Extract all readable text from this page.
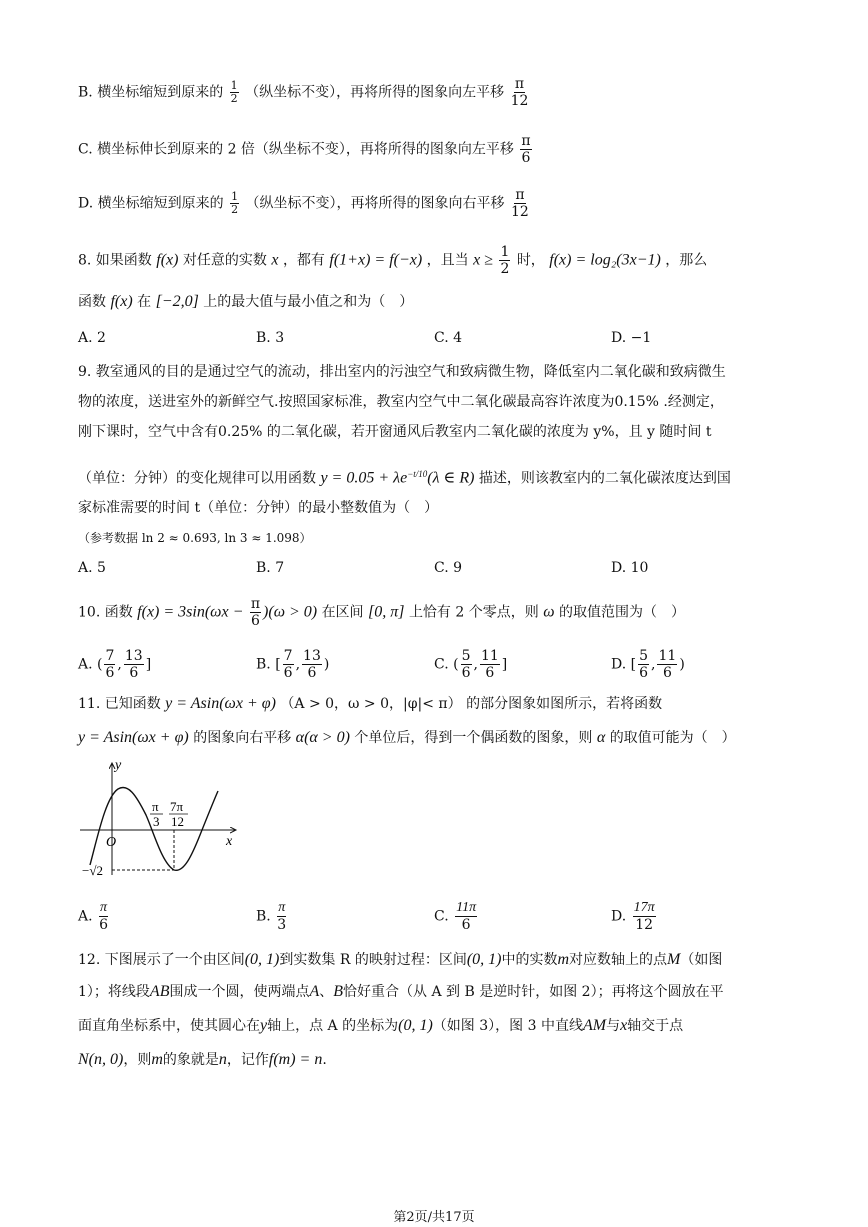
B. 横坐标缩短到原来的 $\frac{1}{2}$ （纵坐标不变），再将所得的图象向左平移 $\frac{\pi}{12}$
C. 横坐标伸长到原来的 2 倍（纵坐标不变），再将所得的图象向左平移 $\frac{\pi}{6}$
D. 横坐标缩短到原来的 $\frac{1}{2}$ （纵坐标不变），再将所得的图象向右平移 $\frac{\pi}{12}$
8. 如果函数 f(x) 对任意的实数 x ，都有 f(1+x) = f(−x) ，且当 $x \ge \frac{1}{2}$ 时， f(x) = log₂(3x−1) ，那么
函数 f(x) 在 [−2,0] 上的最大值与最小值之和为（　）
A. 2	B. 3	C. 4	D. −1
9. 教室通风的目的是通过空气的流动，排出室内的污浊空气和致病微生物，降低室内二氧化碳和致病微生
物的浓度，送进室外的新鲜空气.按照国家标准，教室内空气中二氧化碳最高容许浓度为0.15% .经测定，
刚下课时，空气中含有0.25% 的二氧化碳，若开窗通风后教室内二氧化碳的浓度为 y%，且 y 随时间 t
（单位：分钟）的变化规律可以用函数 $y = 0.05 + \lambda e^{-t/10}(\lambda$ ∈ R) 描述，则该教室内的二氧化碳浓度达到国
家标准需要的时间 t（单位：分钟）的最小整数值为（　）
（参考数据 ln 2 ≈ 0.693, ln 3 ≈ 1.098）
A. 5	B. 7	C. 9	D. 10
10. 函数 $f(x) = 3\sin(\omega x - \frac{\pi}{6} )(\omega > 0)$ 在区间 [0, π] 上恰有 2 个零点，则 ω 的取值范围为（　）
A. ( $\frac{7}{6}$ , $\frac{13}{6}$ ]	B. [ $\frac{7}{6}$ , $\frac{13}{6}$ )	C. ( $\frac{5}{6}$ , $\frac{11}{6}$ ]	D. [ $\frac{5}{6}$ , $\frac{11}{6}$ )
11. 已知函数 y = Asin(ωx + φ) （A > 0，ω > 0，|φ|< π） 的部分图象如图所示，若将函数
y = Asin(ωx + φ) 的图象向右平移 α(α > 0) 个单位后，得到一个偶函数的图象，则 α 的取值可能为（　）
y
x
O
π
3
7π
12
−√2
A. $\frac{\pi}{6}$	B. $\frac{\pi}{3}$	C. $\frac{11\pi}{6}$	D. $\frac{17\pi}{12}$
12. 下图展示了一个由区间(0, 1)到实数集 R 的映射过程：区间(0, 1)中的实数m对应数轴上的点M（如图
1）；将线段AB围成一个圆，使两端点A、B恰好重合（从 A 到 B 是逆时针，如图 2）；再将这个圆放在平
面直角坐标系中，使其圆心在y轴上，点 A 的坐标为(0, 1)（如图 3），图 3 中直线AM与x轴交于点
N(n, 0)，则m的象就是n，记作f(m) = n.
第2页/共17页
